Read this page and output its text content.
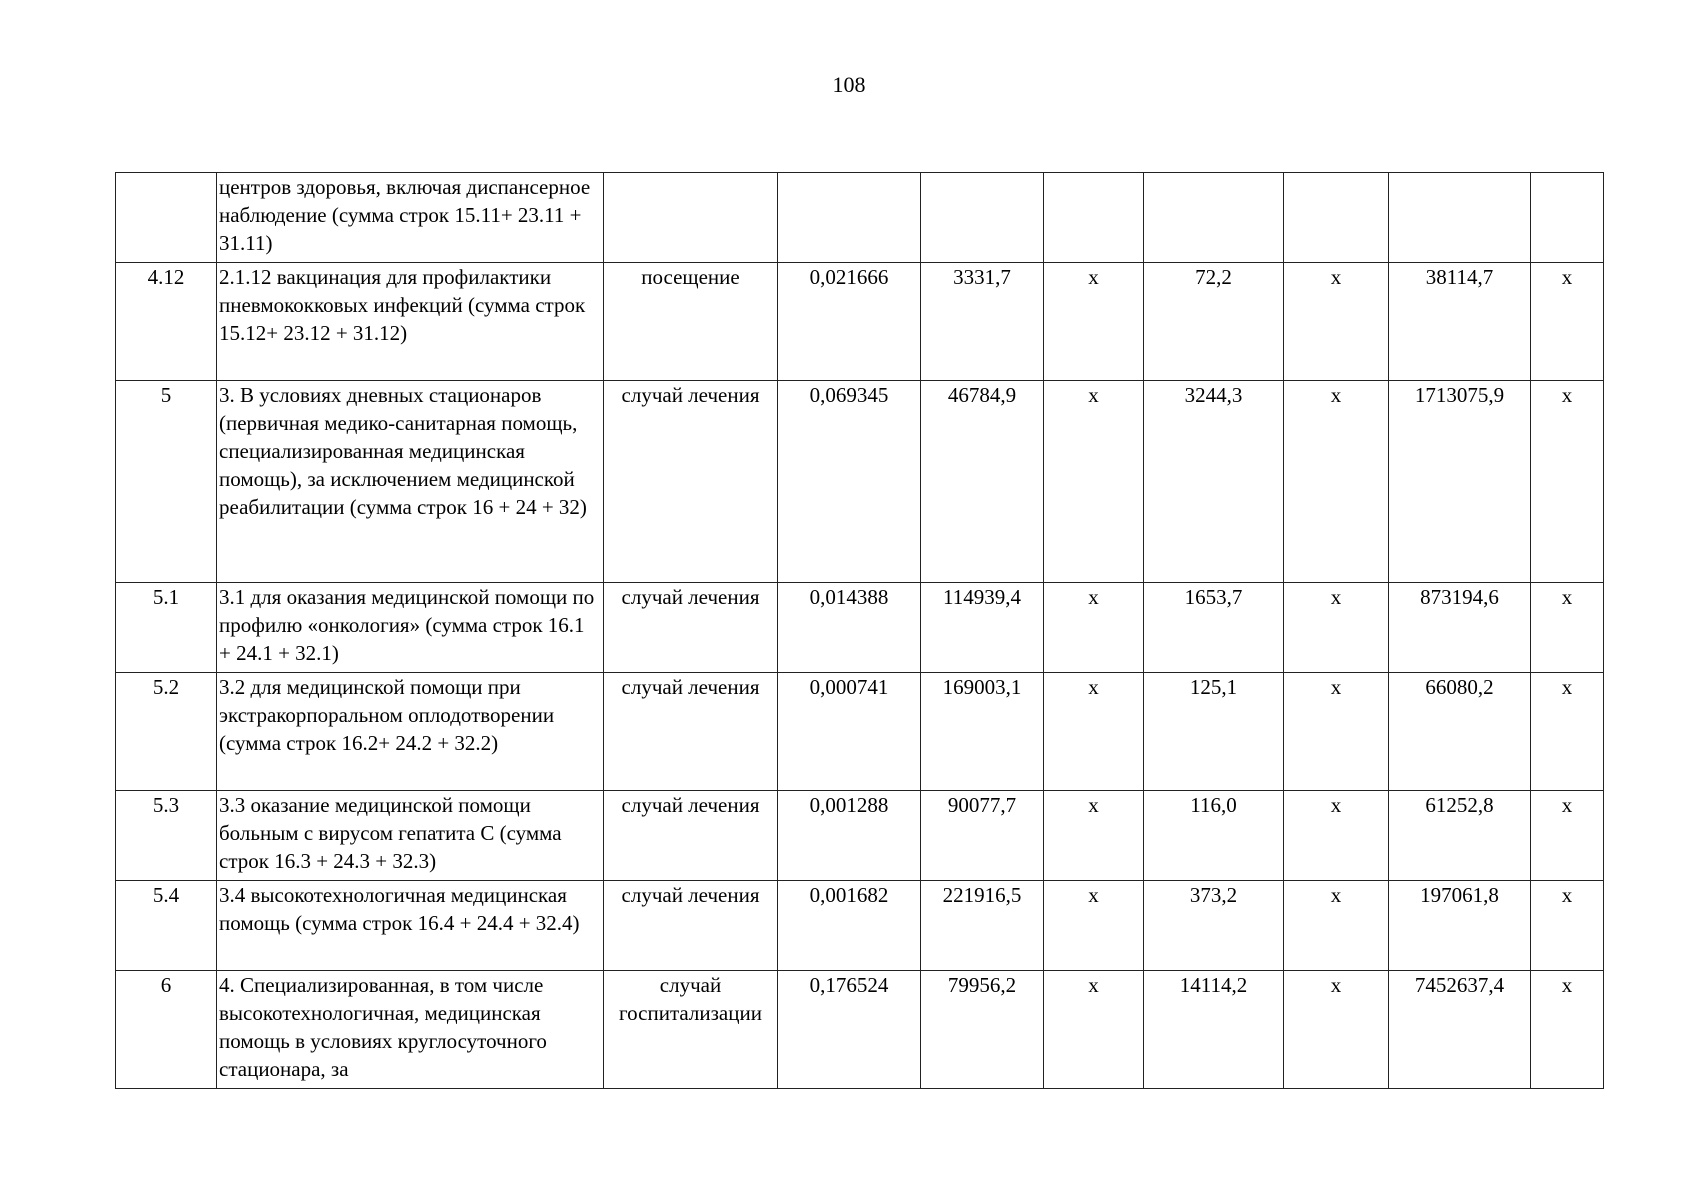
108
	центров здоровья, включая диспансерное наблюдение (сумма строк 15.11+ 23.11 + 31.11)								
4.12	2.1.12 вакцинация для профилактики пневмококковых инфекций (сумма строк 15.12+ 23.12 + 31.12)	посещение	0,021666	3331,7	х	72,2	х	38114,7	х
5	3. В условиях дневных стационаров (первичная медико-санитарная помощь, специализированная медицинская помощь), за исключением медицинской реабилитации (сумма строк 16 + 24 + 32)	случай лечения	0,069345	46784,9	х	3244,3	х	1713075,9	х
5.1	3.1 для оказания медицинской помощи по профилю «онкология» (сумма строк 16.1 + 24.1 + 32.1)	случай лечения	0,014388	114939,4	х	1653,7	х	873194,6	х
5.2	3.2 для медицинской помощи при экстракорпоральном оплодотворении (сумма строк 16.2+ 24.2 + 32.2)	случай лечения	0,000741	169003,1	х	125,1	х	66080,2	х
5.3	3.3 оказание медицинской помощи больным с вирусом гепатита С (сумма строк 16.3 + 24.3 + 32.3)	случай лечения	0,001288	90077,7	х	116,0	х	61252,8	х
5.4	3.4 высокотехнологичная медицинская помощь (сумма строк 16.4 + 24.4 + 32.4)	случай лечения	0,001682	221916,5	х	373,2	х	197061,8	х
6	4. Специализированная, в том числе высокотехнологичная, медицинская помощь в условиях круглосуточного стационара, за	случай госпитализации	0,176524	79956,2	х	14114,2	х	7452637,4	х
